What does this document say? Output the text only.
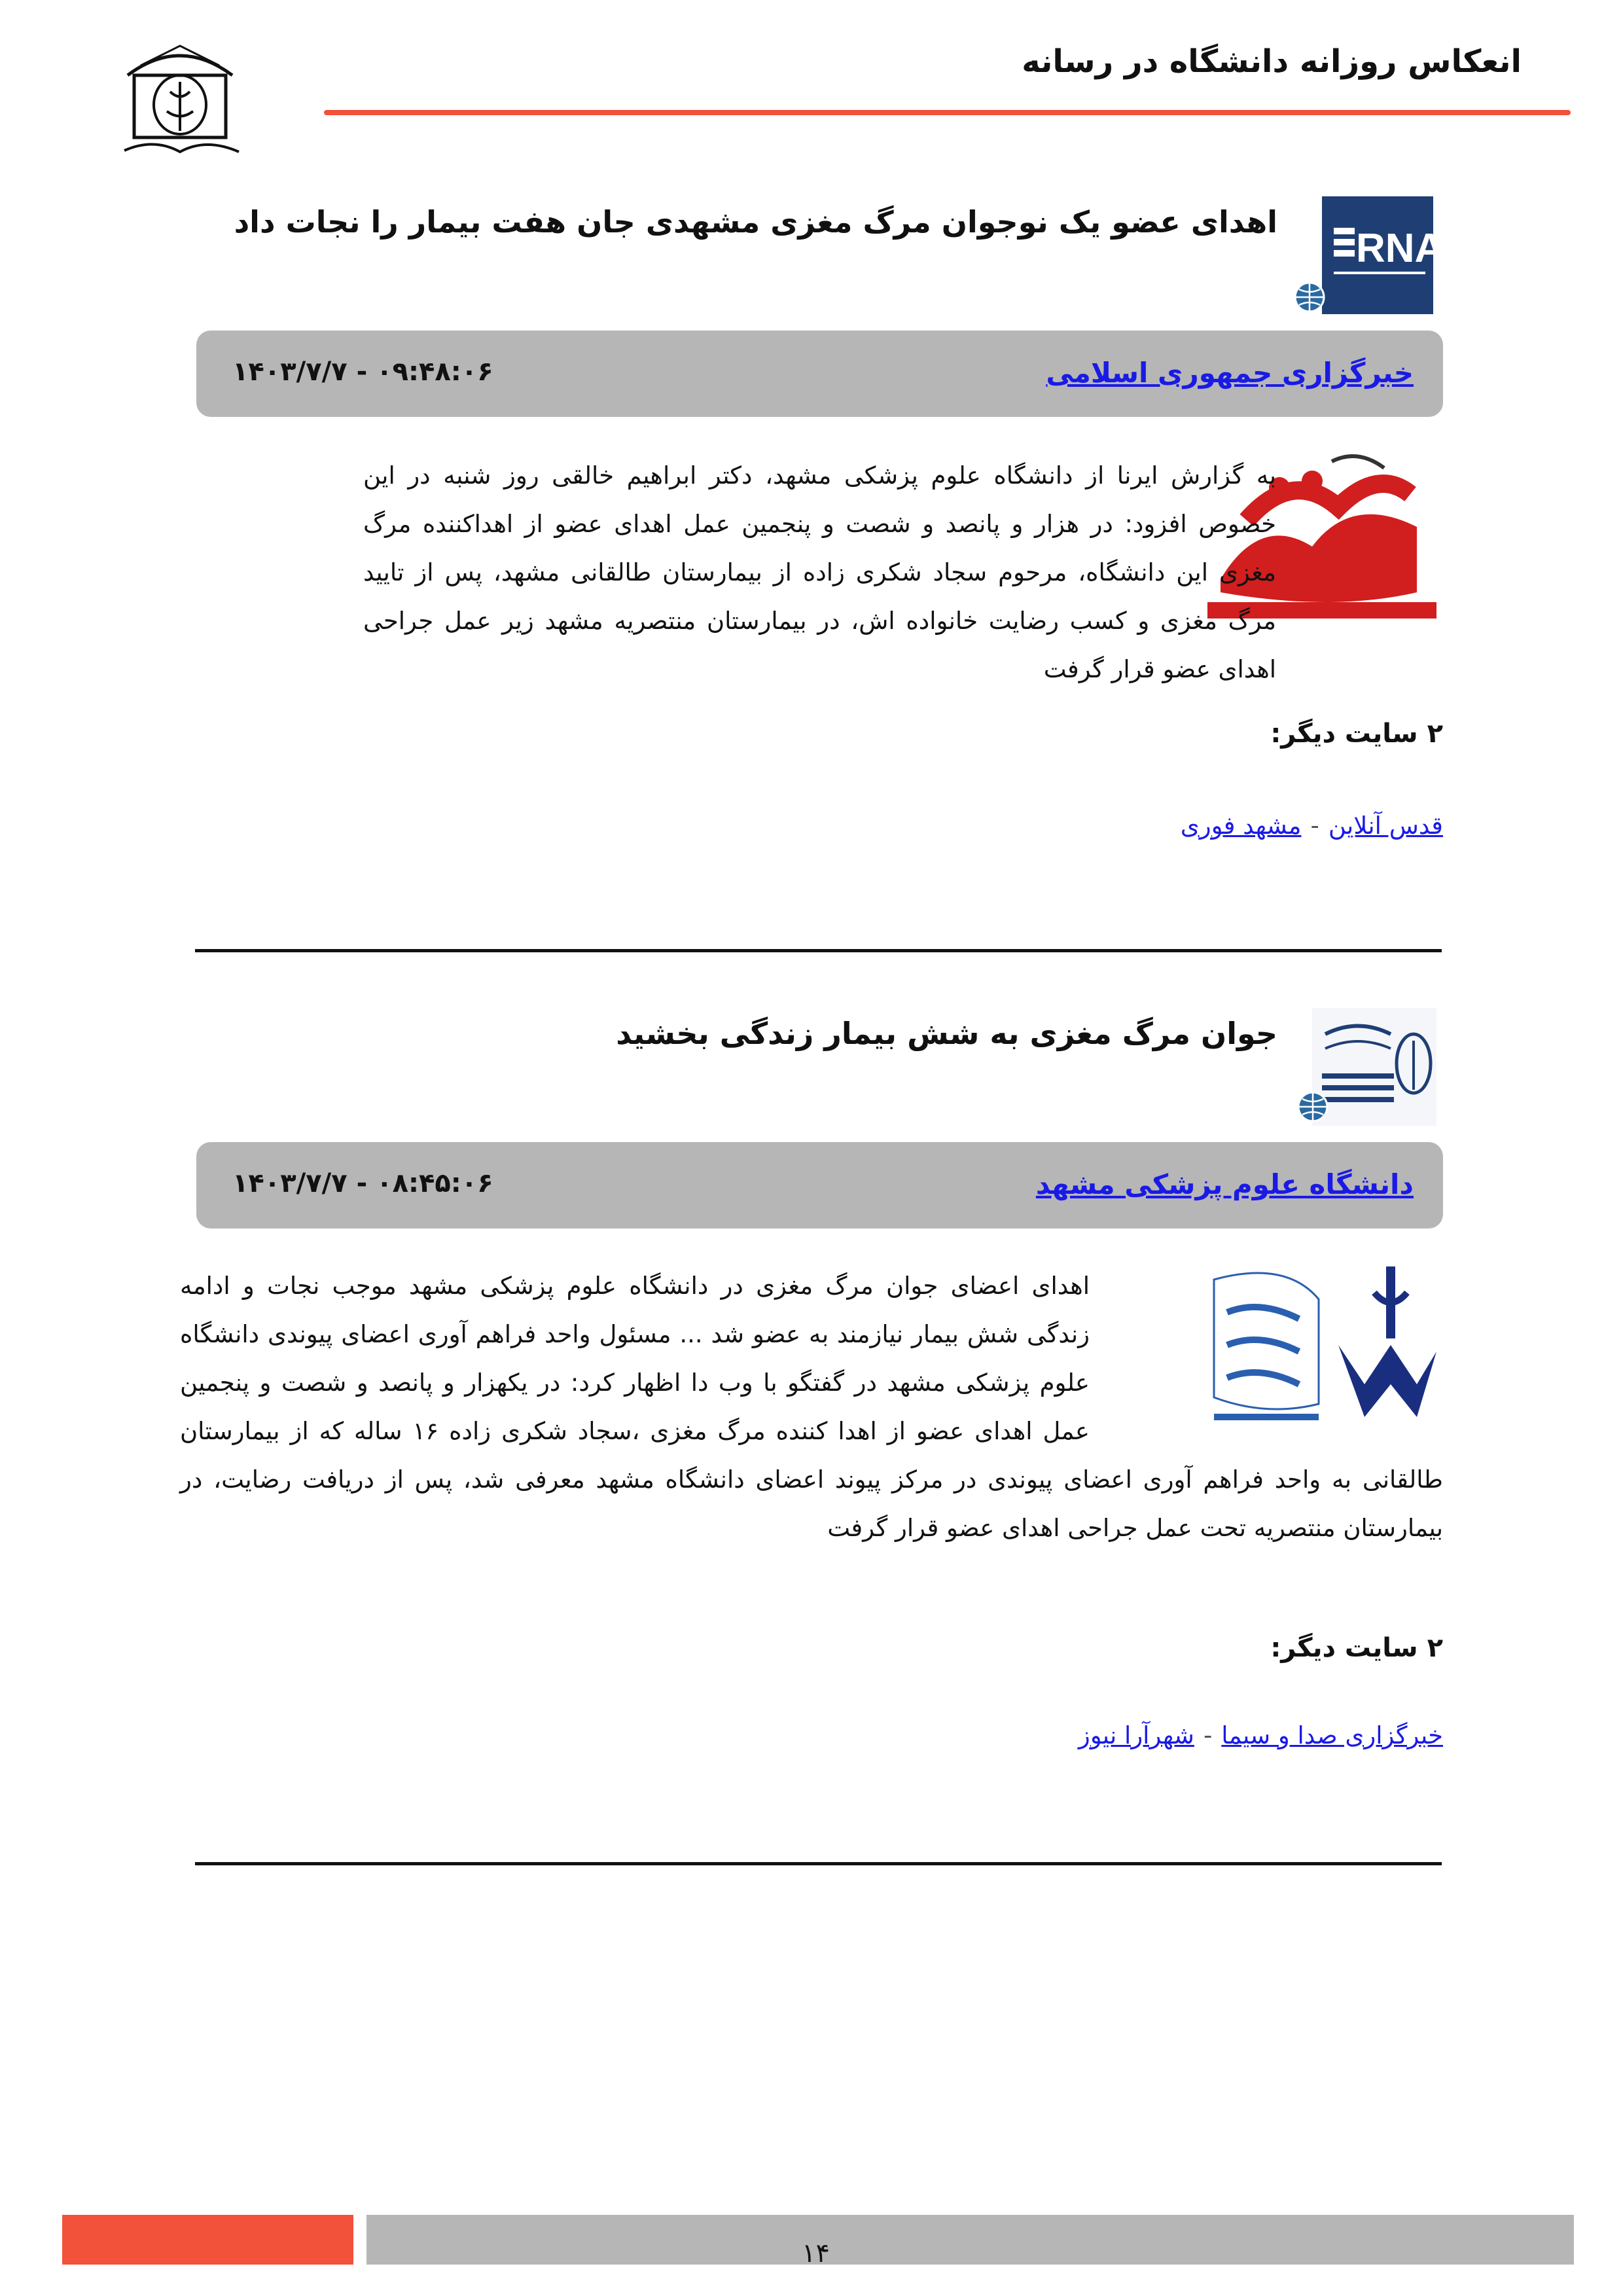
انعکاس روزانه دانشگاه در رسانه
اهدای عضو یک نوجوان مرگ مغزی مشهدی جان هفت بیمار را نجات داد
RNA
خبرگزاری جمهوری اسلامی
۱۴۰۳/۷/۷ - ۰۹:۴۸:۰۶
به گزارش ایرنا از دانشگاه علوم پزشکی مشهد، دکتر ابراهیم خالقی روز شنبه در این خصوص افزود: در هزار و پانصد و شصت و پنجمین عمل اهدای عضو از اهداکننده مرگ مغزی این دانشگاه، مرحوم سجاد شکری زاده از بیمارستان طالقانی مشهد، پس از تایید مرگ مغزی و کسب رضایت خانواده اش، در بیمارستان منتصریه مشهد زیر عمل جراحی اهدای عضو قرار گرفت
۲ سایت دیگر:
قدس آنلاین-مشهد فوری
جوان مرگ مغزی به شش بیمار زندگی بخشید
دانشگاه علوم پزشکی مشهد
۱۴۰۳/۷/۷ - ۰۸:۴۵:۰۶
اهدای اعضای جوان مرگ مغزی در دانشگاه علوم پزشکی مشهد موجب نجات و ادامه زندگی شش بیمار نیازمند به عضو شد ... مسئول واحد فراهم آوری اعضای پیوندی دانشگاه علوم پزشکی مشهد در گفتگو با وب دا اظهار کرد: در یکهزار و پانصد و شصت و پنجمین عمل اهدای عضو از اهدا کننده مرگ مغزی ،سجاد شکری زاده ۱۶ ساله که از بیمارستان طالقانی به واحد فراهم آوری اعضای پیوندی در مرکز پیوند اعضای دانشگاه مشهد معرفی شد، پس از دریافت رضایت، در بیمارستان منتصریه تحت عمل جراحی اهدای عضو قرار گرفت
۲ سایت دیگر:
خبرگزاری صدا و سیما-شهرآرا نیوز
۱۴
